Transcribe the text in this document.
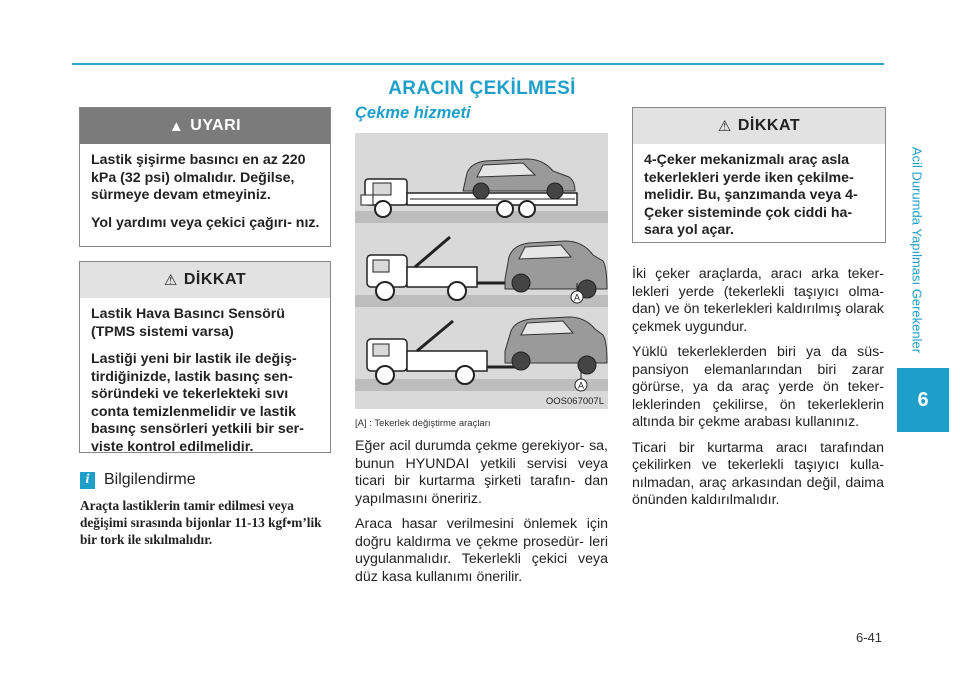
ARACIN ÇEKİLMESİ
Acil Durumda Yapılması Gerekenler
6
6-41
▲ UYARI

Lastik şişirme basıncı en az 220 kPa (32 psi) olmalıdır. Değilse, sürmeye devam etmeyiniz.

Yol yardımı veya çekici çağırı- nız.

⚠ DİKKAT

Lastik Hava Basıncı Sensörü (TPMS sistemi varsa)

Lastiği yeni bir lastik ile değiş- tirdiğinizde, lastik basınç sen- söründeki ve tekerlekteki sıvı conta temizlenmelidir ve lastik basınç sensörleri yetkili bir ser- viste kontrol edilmelidir.

i Bilgilendirme
Araçta lastiklerin tamir edilmesi veya değişimi sırasında bijonlar 11-13 kgf•m’lik bir tork ile sıkılmalıdır.
Çekme hizmeti
A
A
OOS067007L
[A] : Tekerlek değiştirme araçları

Eğer acil durumda çekme gerekiyor- sa, bunun HYUNDAI yetkili servisi veya ticari bir kurtarma şirketi tarafın- dan yapılmasını öneririz.

Araca hasar verilmesini önlemek için doğru kaldırma ve çekme prosedür- leri uygulanmalıdır. Tekerlekli çekici veya düz kasa kullanımı önerilir.

⚠ DİKKAT

4-Çeker mekanizmalı araç asla tekerlekleri yerde iken çekilme- melidir. Bu, şanzımanda veya 4- Çeker sisteminde çok ciddi ha- sara yol açar.

İki çeker araçlarda, aracı arka teker- lekleri yerde (tekerlekli taşıyıcı olma- dan) ve ön tekerlekleri kaldırılmış olarak çekmek uygundur.

Yüklü tekerleklerden biri ya da süs- pansiyon elemanlarından biri zarar görürse, ya da araç yerde ön teker- leklerinden çekilirse, ön tekerleklerin altında bir çekme arabası kullanınız.

Ticari bir kurtarma aracı tarafından çekilirken ve tekerlekli taşıyıcı kulla- nılmadan, araç arkasından değil, daima önünden kaldırılmalıdır.
